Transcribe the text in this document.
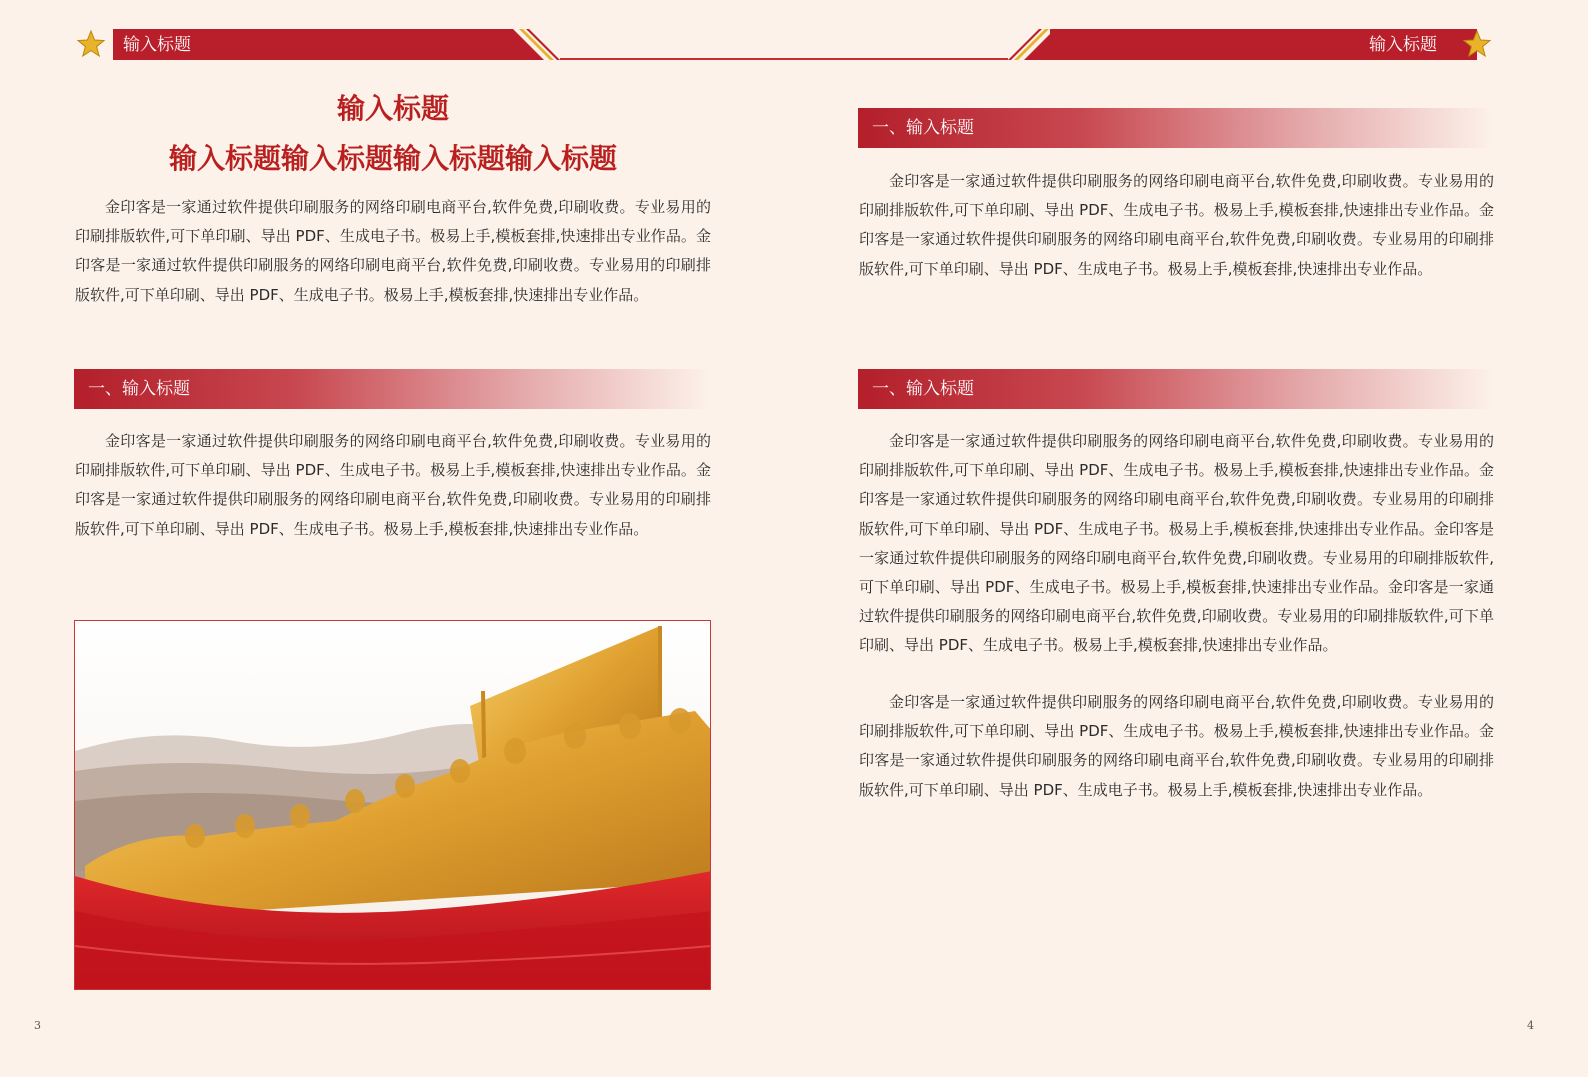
输入标题	输入标题
输入标题
输入标题输入标题输入标题输入标题

金印客是一家通过软件提供印刷服务的网络印刷电商平台,软件免费,印刷收费。专业易用的印刷排版软件,可下单印刷、导出 PDF、生成电子书。极易上手,模板套排,快速排出专业作品。金印客是一家通过软件提供印刷服务的网络印刷电商平台,软件免费,印刷收费。专业易用的印刷排版软件,可下单印刷、导出 PDF、生成电子书。极易上手,模板套排,快速排出专业作品。

一、输入标题

金印客是一家通过软件提供印刷服务的网络印刷电商平台,软件免费,印刷收费。专业易用的印刷排版软件,可下单印刷、导出 PDF、生成电子书。极易上手,模板套排,快速排出专业作品。金印客是一家通过软件提供印刷服务的网络印刷电商平台,软件免费,印刷收费。专业易用的印刷排版软件,可下单印刷、导出 PDF、生成电子书。极易上手,模板套排,快速排出专业作品。

3
一、输入标题

金印客是一家通过软件提供印刷服务的网络印刷电商平台,软件免费,印刷收费。专业易用的印刷排版软件,可下单印刷、导出 PDF、生成电子书。极易上手,模板套排,快速排出专业作品。金印客是一家通过软件提供印刷服务的网络印刷电商平台,软件免费,印刷收费。专业易用的印刷排版软件,可下单印刷、导出 PDF、生成电子书。极易上手,模板套排,快速排出专业作品。

一、输入标题

金印客是一家通过软件提供印刷服务的网络印刷电商平台,软件免费,印刷收费。专业易用的印刷排版软件,可下单印刷、导出 PDF、生成电子书。极易上手,模板套排,快速排出专业作品。金印客是一家通过软件提供印刷服务的网络印刷电商平台,软件免费,印刷收费。专业易用的印刷排版软件,可下单印刷、导出 PDF、生成电子书。极易上手,模板套排,快速排出专业作品。金印客是一家通过软件提供印刷服务的网络印刷电商平台,软件免费,印刷收费。专业易用的印刷排版软件,可下单印刷、导出 PDF、生成电子书。极易上手,模板套排,快速排出专业作品。金印客是一家通过软件提供印刷服务的网络印刷电商平台,软件免费,印刷收费。专业易用的印刷排版软件,可下单印刷、导出 PDF、生成电子书。极易上手,模板套排,快速排出专业作品。

金印客是一家通过软件提供印刷服务的网络印刷电商平台,软件免费,印刷收费。专业易用的印刷排版软件,可下单印刷、导出 PDF、生成电子书。极易上手,模板套排,快速排出专业作品。金印客是一家通过软件提供印刷服务的网络印刷电商平台,软件免费,印刷收费。专业易用的印刷排版软件,可下单印刷、导出 PDF、生成电子书。极易上手,模板套排,快速排出专业作品。

4
